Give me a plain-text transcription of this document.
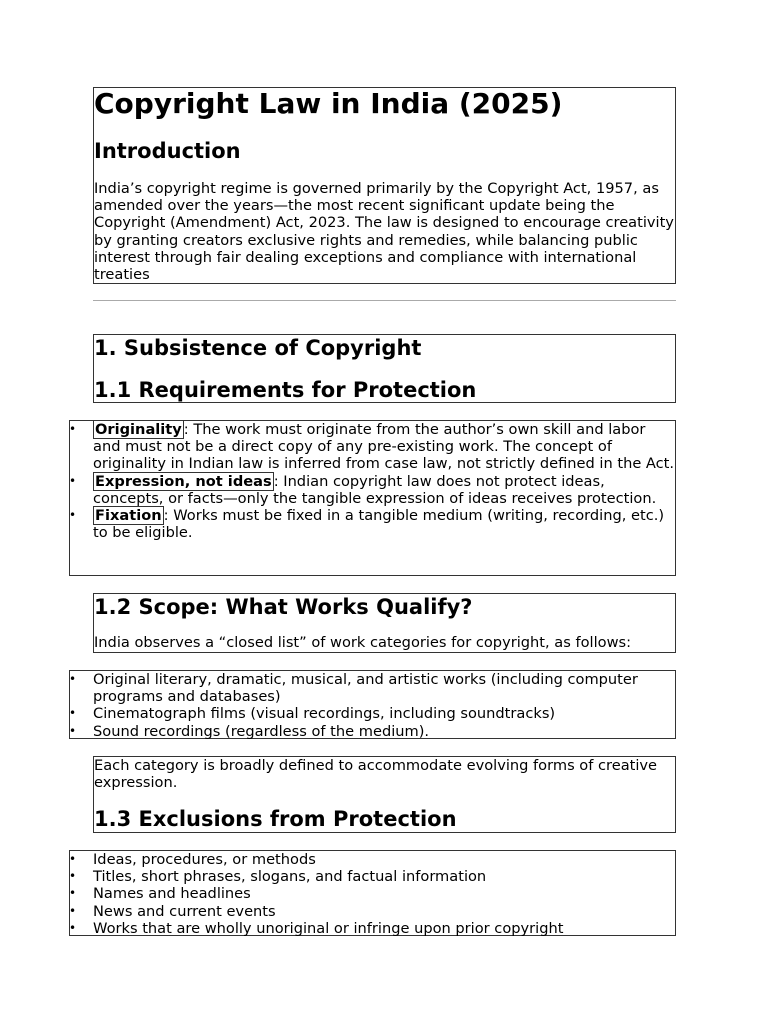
Copyright Law in India (2025)
Introduction

India’s copyright regime is governed primarily by the Copyright Act, 1957, as amended over the years—the most recent significant update being the Copyright (Amendment) Act, 2023. The law is designed to encourage creativity by granting creators exclusive rights and remedies, while balancing public interest through fair dealing exceptions and compliance with international treaties

1. Subsistence of Copyright
1.1 Requirements for Protection
• Originality : The work must originate from the author’s own skill and labor and must not be a direct copy of any pre-existing work. The concept of originality in Indian law is inferred from case law, not strictly defined in the Act.
• Expression, not ideas : Indian copyright law does not protect ideas, concepts, or facts—only the tangible expression of ideas receives protection.
• Fixation : Works must be fixed in a tangible medium (writing, recording, etc.) to be eligible.
1.2 Scope: What Works Qualify?

India observes a “closed list” of work categories for copyright, as follows:

• Original literary, dramatic, musical, and artistic works (including computer programs and databases)
• Cinematograph films (visual recordings, including soundtracks)
• Sound recordings (regardless of the medium).

Each category is broadly defined to accommodate evolving forms of creative expression.

1.3 Exclusions from Protection
• Ideas, procedures, or methods
• Titles, short phrases, slogans, and factual information
• Names and headlines
• News and current events
• Works that are wholly unoriginal or infringe upon prior copyright
